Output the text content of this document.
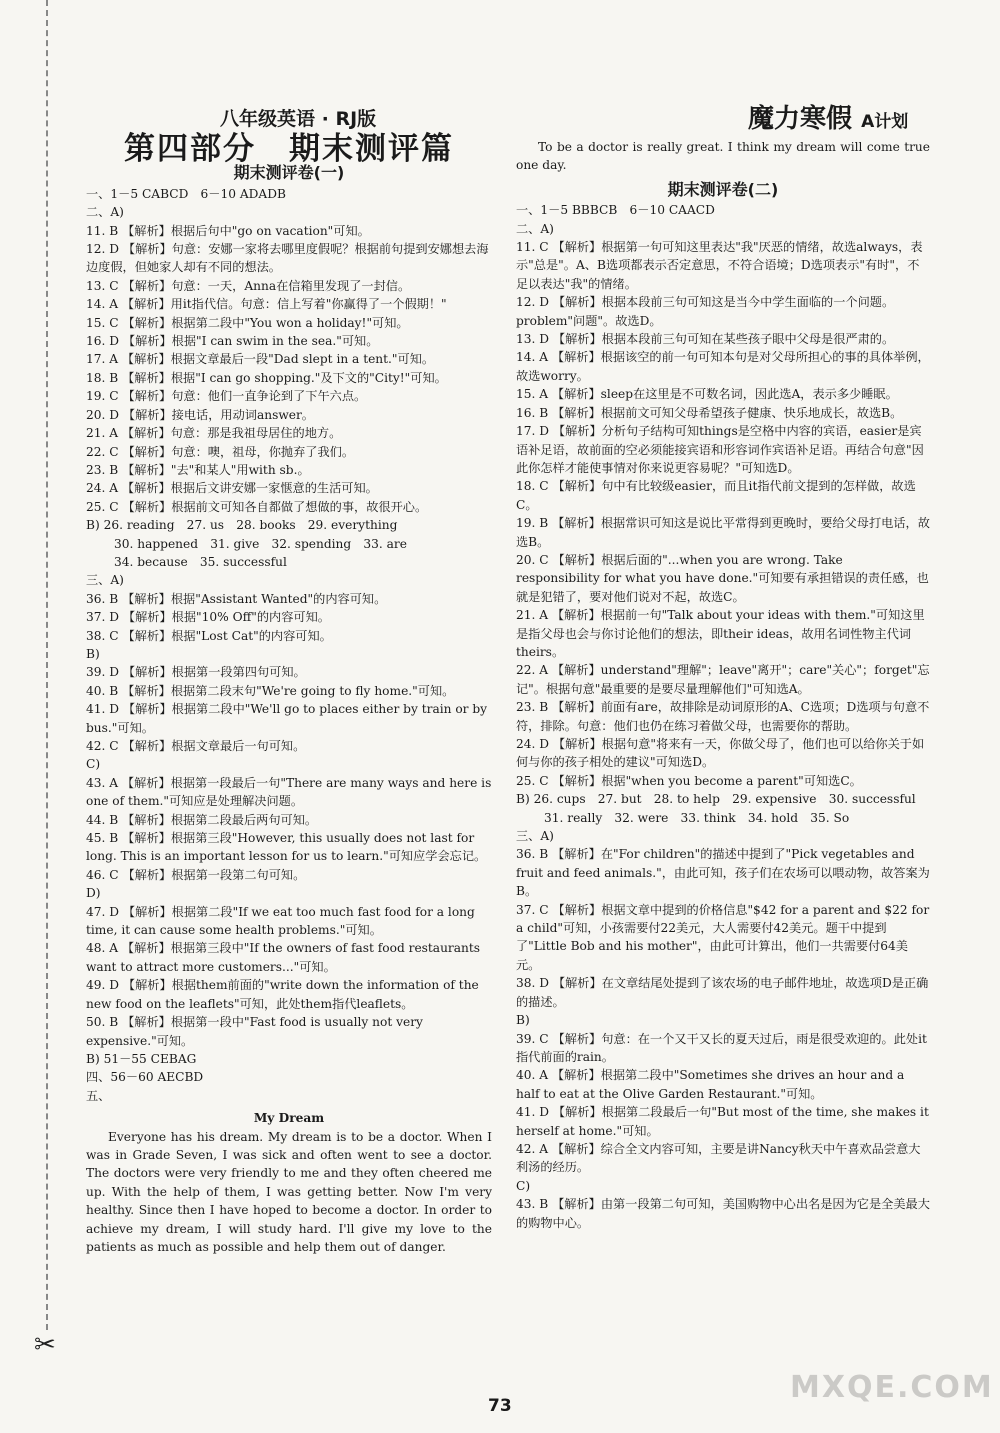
✂
八年级英语 · RJ版	魔力寒假 A计划
第四部分　期末测评篇
期末测评卷(一)
一、1－5 CABCD　6－10 ADADB
二、A)
11. B 【解析】根据后句中"go on vacation"可知。
12. D 【解析】句意：安娜一家将去哪里度假呢？根据前句提到安娜想去海边度假，但她家人却有不同的想法。
13. C 【解析】句意：一天，Anna在信箱里发现了一封信。
14. A 【解析】用it指代信。句意：信上写着"你赢得了一个假期！"
15. C 【解析】根据第二段中"You won a holiday!"可知。
16. D 【解析】根据"I can swim in the sea."可知。
17. A 【解析】根据文章最后一段"Dad slept in a tent."可知。
18. B 【解析】根据"I can go shopping."及下文的"City!"可知。
19. C 【解析】句意：他们一直争论到了下午六点。
20. D 【解析】接电话，用动词answer。
21. A 【解析】句意：那是我祖母居住的地方。
22. C 【解析】句意：噢，祖母，你抛弃了我们。
23. B 【解析】"去"和某人"用with sb.。
24. A 【解析】根据后文讲安娜一家惬意的生活可知。
25. C 【解析】根据前文可知各自都做了想做的事，故很开心。
B) 26. reading　27. us　28. books　29. everything
30. happened　31. give　32. spending　33. are
34. because　35. successful
三、A)
36. B 【解析】根据"Assistant Wanted"的内容可知。
37. D 【解析】根据"10% Off"的内容可知。
38. C 【解析】根据"Lost Cat"的内容可知。
B)
39. D 【解析】根据第一段第四句可知。
40. B 【解析】根据第二段末句"We're going to fly home."可知。
41. D 【解析】根据第二段中"We'll go to places either by train or by bus."可知。
42. C 【解析】根据文章最后一句可知。
C)
43. A 【解析】根据第一段最后一句"There are many ways and here is one of them."可知应是处理解决问题。
44. B 【解析】根据第二段最后两句可知。
45. B 【解析】根据第三段"However, this usually does not last for long. This is an important lesson for us to learn."可知应学会忘记。
46. C 【解析】根据第一段第二句可知。
D)
47. D 【解析】根据第二段"If we eat too much fast food for a long time, it can cause some health problems."可知。
48. A 【解析】根据第三段中"If the owners of fast food restaurants want to attract more customers..."可知。
49. D 【解析】根据them前面的"write down the information of the new food on the leaflets"可知，此处them指代leaflets。
50. B 【解析】根据第一段中"Fast food is usually not very expensive."可知。
B) 51－55 CEBAG
四、56－60 AECBD
五、
My Dream
Everyone has his dream. My dream is to be a doctor. When I was in Grade Seven, I was sick and often went to see a doctor. The doctors were very friendly to me and they often cheered me up. With the help of them, I was getting better. Now I'm very healthy. Since then I have hoped to become a doctor. In order to achieve my dream, I will study hard. I'll give my love to the patients as much as possible and help them out of danger.
To be a doctor is really great. I think my dream will come true one day.
期末测评卷(二)
一、1－5 BBBCB　6－10 CAACD
二、A)
11. C 【解析】根据第一句可知这里表达"我"厌恶的情绪，故选always，表示"总是"。A、B选项都表示否定意思，不符合语境；D选项表示"有时"，不足以表达"我"的情绪。
12. D 【解析】根据本段前三句可知这是当今中学生面临的一个问题。problem"问题"。故选D。
13. D 【解析】根据本段前三句可知在某些孩子眼中父母是很严肃的。
14. A 【解析】根据该空的前一句可知本句是对父母所担心的事的具体举例，故选worry。
15. A 【解析】sleep在这里是不可数名词，因此选A，表示多少睡眠。
16. B 【解析】根据前文可知父母希望孩子健康、快乐地成长，故选B。
17. D 【解析】分析句子结构可知things是空格中内容的宾语，easier是宾语补足语，故前面的空必须能接宾语和形容词作宾语补足语。再结合句意"因此你怎样才能使事情对你来说更容易呢？"可知选D。
18. C 【解析】句中有比较级easier，而且it指代前文提到的怎样做，故选C。
19. B 【解析】根据常识可知这是说比平常得到更晚时，要给父母打电话，故选B。
20. C 【解析】根据后面的"...when you are wrong. Take responsibility for what you have done."可知要有承担错误的责任感，也就是犯错了，要对他们说对不起，故选C。
21. A 【解析】根据前一句"Talk about your ideas with them."可知这里是指父母也会与你讨论他们的想法，即their ideas，故用名词性物主代词theirs。
22. A 【解析】understand"理解"；leave"离开"；care"关心"；forget"忘记"。根据句意"最重要的是要尽量理解他们"可知选A。
23. B 【解析】前面有are，故排除是动词原形的A、C选项；D选项与句意不符，排除。句意：他们也仍在练习着做父母，也需要你的帮助。
24. D 【解析】根据句意"将来有一天，你做父母了，他们也可以给你关于如何与你的孩子相处的建议"可知选D。
25. C 【解析】根据"when you become a parent"可知选C。
B) 26. cups　27. but　28. to help　29. expensive　30. successful
31. really　32. were　33. think　34. hold　35. So
三、A)
36. B 【解析】在"For children"的描述中提到了"Pick vegetables and fruit and feed animals."，由此可知，孩子们在农场可以喂动物，故答案为B。
37. C 【解析】根据文章中提到的价格信息"$42 for a parent and $22 for a child"可知，小孩需要付22美元，大人需要付42美元。题干中提到了"Little Bob and his mother"，由此可计算出，他们一共需要付64美元。
38. D 【解析】在文章结尾处提到了该农场的电子邮件地址，故选项D是正确的描述。
B)
39. C 【解析】句意：在一个又干又长的夏天过后，雨是很受欢迎的。此处it指代前面的rain。
40. A 【解析】根据第二段中"Sometimes she drives an hour and a half to eat at the Olive Garden Restaurant."可知。
41. D 【解析】根据第二段最后一句"But most of the time, she makes it herself at home."可知。
42. A 【解析】综合全文内容可知，主要是讲Nancy秋天中午喜欢品尝意大利汤的经历。
C)
43. B 【解析】由第一段第二句可知，美国购物中心出名是因为它是全美最大的购物中心。
73
MXQE.COM
